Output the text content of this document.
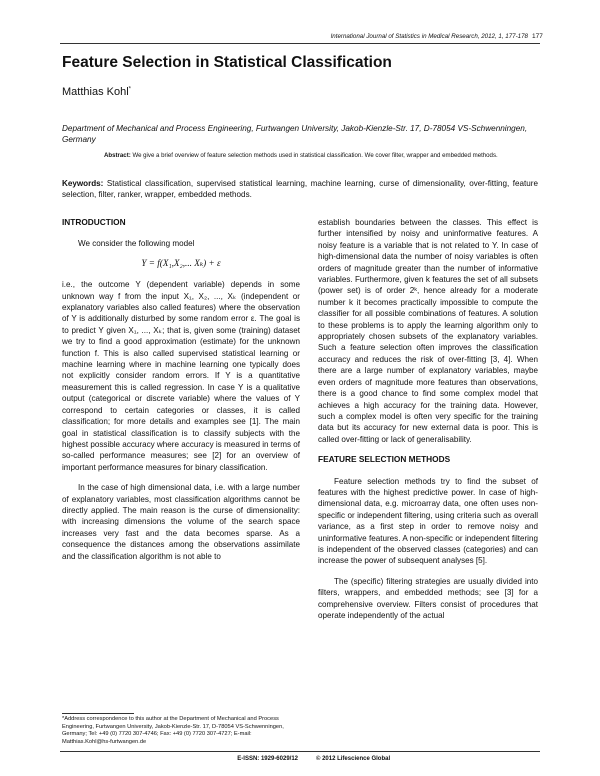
International Journal of Statistics in Medical Research, 2012, 1, 177-178 177
Feature Selection in Statistical Classification
Matthias Kohl*
Department of Mechanical and Process Engineering, Furtwangen University, Jakob-Kienzle-Str. 17, D-78054 VS-Schwenningen, Germany
Abstract: We give a brief overview of feature selection methods used in statistical classification. We cover filter, wrapper and embedded methods.
Keywords: Statistical classification, supervised statistical learning, machine learning, curse of dimensionality, over-fitting, feature selection, filter, ranker, wrapper, embedded methods.
INTRODUCTION

We consider the following model

Y = f(X₁,X₂,... Xₖ) + ε

i.e., the outcome Y (dependent variable) depends in some unknown way f from the input X₁, X₂, ..., Xₖ (independent or explanatory variables also called features) where the observation of Y is additionally disturbed by some random error ε. The goal is to predict Y given X₁, ..., Xₖ; that is, given some (training) dataset we try to find a good approximation (estimate) for the unknown function f. This is also called supervised statistical learning or machine learning where in machine learning one typically does not explicitly consider random errors. If Y is a quantitative measurement this is called regression. In case Y is a qualitative output (categorical or discrete variable) where the values of Y correspond to certain categories or classes, it is called classification; for more details and examples see [1]. The main goal in statistical classification is to classify subjects with the highest possible accuracy where accuracy is measured in terms of so-called performance measures; see [2] for an overview of important performance measures for binary classification.

In the case of high dimensional data, i.e. with a large number of explanatory variables, most classification algorithms cannot be directly applied. The main reason is the curse of dimensionality: with increasing dimensions the volume of the search space increases very fast and the data becomes sparse. As a consequence the distances among the observations assimilate and the classification algorithm is not able to

establish boundaries between the classes. This effect is further intensified by noisy and uninformative features. A noisy feature is a variable that is not related to Y. In case of high-dimensional data the number of noisy variables is often orders of magnitude greater than the number of informative variables. Furthermore, given k features the set of all subsets (power set) is of order 2ᵏ, hence already for a moderate number k it becomes practically impossible to compute the classifier for all possible combinations of features. A solution to these problems is to apply the learning algorithm only to appropriately chosen subsets of the explanatory variables. Such a feature selection often improves the classification accuracy and reduces the risk of over-fitting [3, 4]. When there are a large number of explanatory variables, maybe even orders of magnitude more features than observations, there is a good chance to find some complex model that achieves a high accuracy for the training data. However, such a complex model is often very specific for the training data but its accuracy for new external data is poor. This is called over-fitting or lack of generalisability.

FEATURE SELECTION METHODS

Feature selection methods try to find the subset of features with the highest predictive power. In case of high-dimensional data, e.g. microarray data, one often uses non-specific or independent filtering, using criteria such as overall variance, as a first step in order to remove noisy and uninformative features. A non-specific or independent filtering is independent of the observed classes (categories) and can increase the power of subsequent analyses [5].

The (specific) filtering strategies are usually divided into filters, wrappers, and embedded methods; see [3] for a comprehensive overview. Filters consist of procedures that operate independently of the actual

*Address correspondence to this author at the Department of Mechanical and Process Engineering, Furtwangen University, Jakob-Kienzle-Str. 17, D-78054 VS-Schwenningen, Germany; Tel: +49 (0) 7720 307-4746; Fax: +49 (0) 7720 307-4727; E-mail: Matthias.Kohl@hs-furtwangen.de
E-ISSN: 1929-6029/12	© 2012 Lifescience Global
